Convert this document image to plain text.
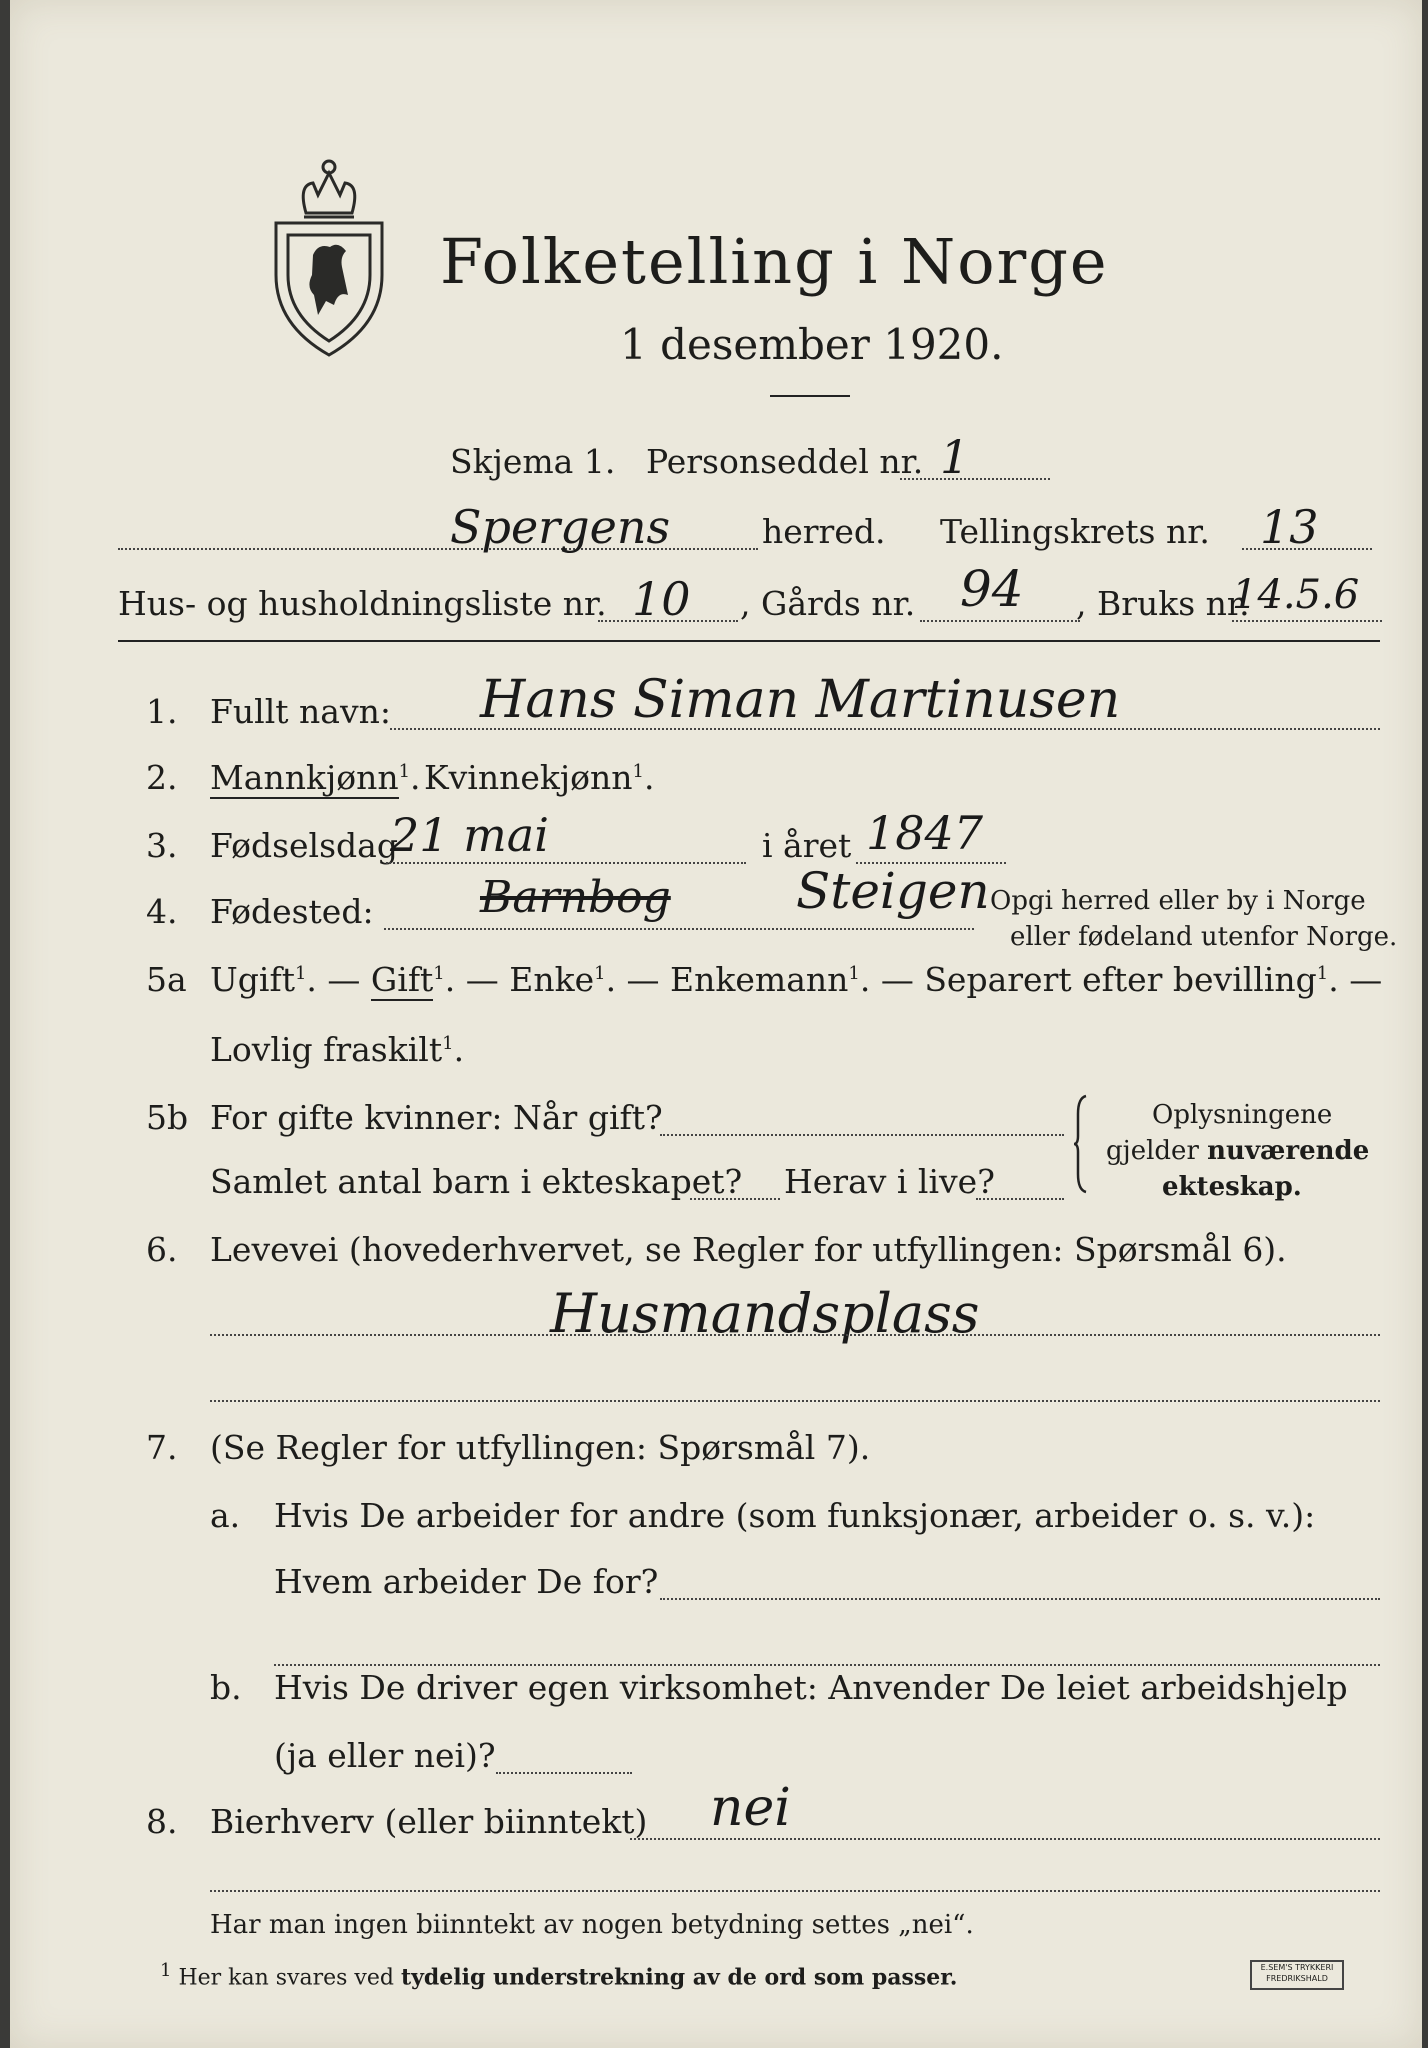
Folketelling i Norge
1 desember 1920.
Skjema 1. Personseddel nr. 1
Spergens	herred. Tellingskrets nr. 13
Hus- og husholdningsliste nr. 10 , Gårds nr. 94 , Bruks nr.
14.5.6
1. Fullt navn: Hans Siman Martinusen
2. Mannkjønn$^1$. Kvinnekjønn$^1$.
3. Fødselsdag
21 mai	i året 1847
4. Fødested: Barnbog	Steigen Opgi herred eller by i Norge
eller fødeland utenfor Norge.
5a Ugift$^1$. — Gift$^1$. — Enke$^1$. — Enkemann$^1$. — Separert efter bevilling$^1$. —
Lovlig fraskilt$^1$.
5b For gifte kvinner: Når gift?
Samlet antal barn i ekteskapet? Herav i live?
Oplysningene
gjelder nuværende
ekteskap.
6. Levevei (hovederhvervet, se Regler for utfyllingen: Spørsmål 6).
Husmandsplass
7. (Se Regler for utfyllingen: Spørsmål 7).
a. Hvis De arbeider for andre (som funksjonær, arbeider o. s. v.):
Hvem arbeider De for?
b. Hvis De driver egen virksomhet: Anvender De leiet arbeidshjelp
(ja eller nei)?
8. Bierhverv (eller biinntekt) nei
Har man ingen biinntekt av nogen betydning settes „nei“.
$^1$ Her kan svares ved tydelig understrekning av de ord som passer.	E.SEM'S TRYKKERI FREDRIKSHALD
